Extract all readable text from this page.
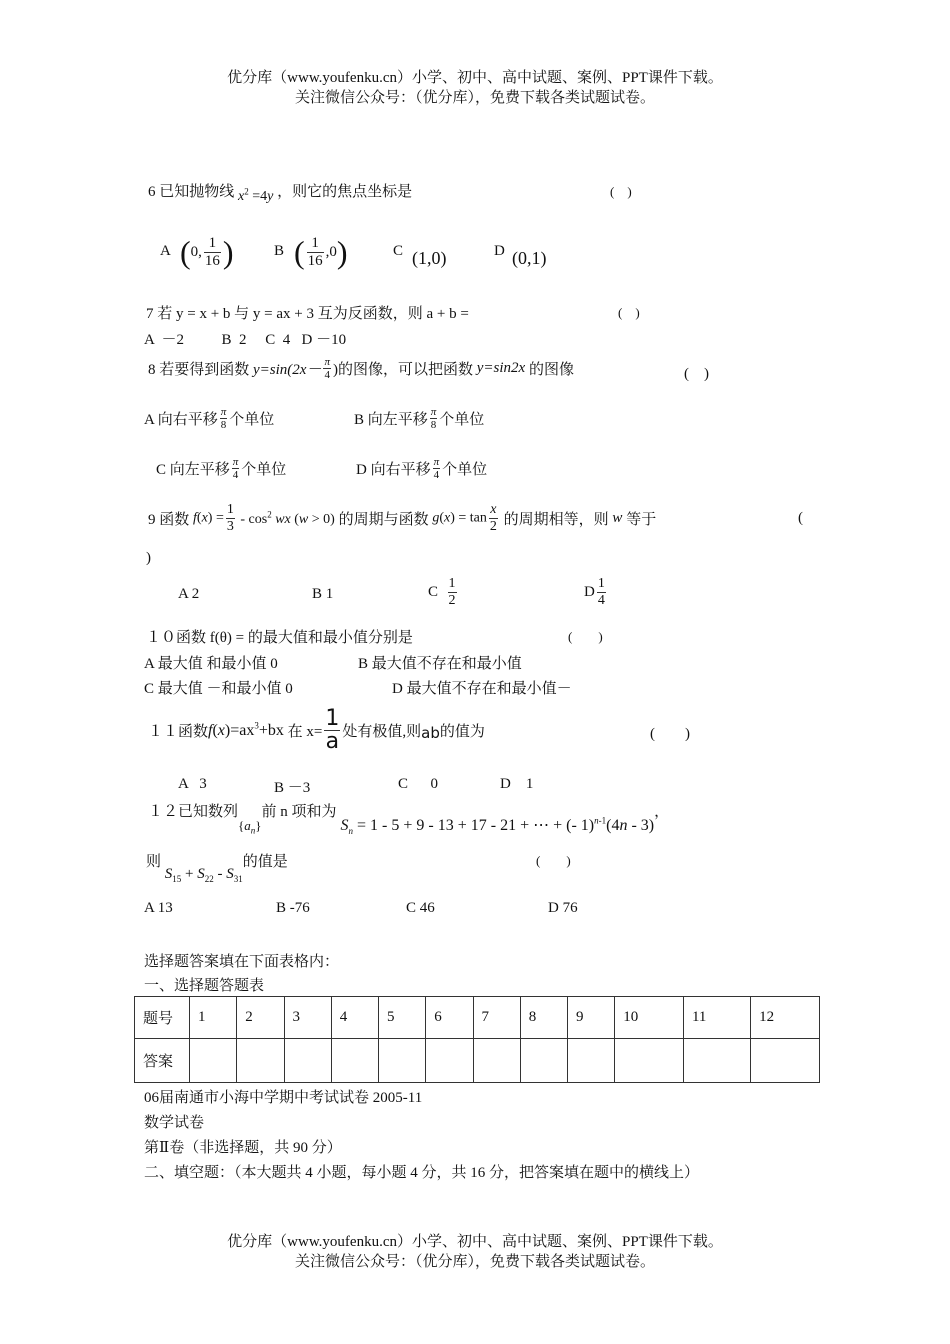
优分库（www.youfenku.cn）小学、初中、高中试题、案例、PPT课件下载。
关注微信公众号：（优分库），免费下载各类试题试卷。
6 已知抛物线 $x^2 =4y$ ，则它的焦点坐标是	(　)
A (0, $\frac{1}{16}$ )	B ( $\frac{1}{16} ,0$)	C (1,0)	D (0,1)
7 若 y = x + b 与 y = ax + 3 互为反函数，则 a + b =	(　)
A  －2          B  2     C  4   D －10
8 若要得到函数 $y=\sin(2x- \frac{\pi}{4}$ )的图像，可以把函数 y=sin2x 的图像	(　)
A 向右平移 $\frac{\pi}{8}$ 个单位	B 向左平移 $\frac{\pi}{8}$ 个单位
C 向左平移 $\frac{\pi}{4}$ 个单位	D 向右平移 $\frac{\pi}{4}$ 个单位
9 函数 $f(x) = \frac{1}{3} - \cos^2$ wx (w > 0) 的周期与函数 $g(x) = \tan \frac{x}{2}$ 的周期相等，则 w 等于	(
)
A 2	B 1	C $\frac{1}{2}$	D $\frac{1}{4}$
１０函数 f(θ) = 的最大值和最小值分别是	(　　)
A 最大值 和最小值 0	B 最大值不存在和最小值
C 最大值 －和最小值 0	D 最大值不存在和最小值－
１１函数$f(x)=ax^3+bx$ 在 $x= \frac{1}{a}$ 处有极值,则ab的值为	(　　)
A   3	B －3	C      0	D    1
１２已知数列$\{a_n\}$前 n 项和为 $S_n = 1 - 5 + 9 - 13 + 17 - 21$ + ⋯ + (- 1)$^{n-1}$(4n - 3)，
则 $S_{15} + S_{22} - S_{31}$的值是	(　　)
A 13	B -76	C 46	D 76
选择题答案填在下面表格内：
一、选择题答题表
题号	1	2	3	4	5	6	7	8	9	10	11	12
答案												
06届南通市小海中学期中考试试卷 2005-11
数学试卷
第Ⅱ卷（非选择题，共 90 分）
二、填空题：（本大题共 4 小题，每小题 4 分，共 16 分，把答案填在题中的横线上）
优分库（www.youfenku.cn）小学、初中、高中试题、案例、PPT课件下载。
关注微信公众号：（优分库），免费下载各类试题试卷。
